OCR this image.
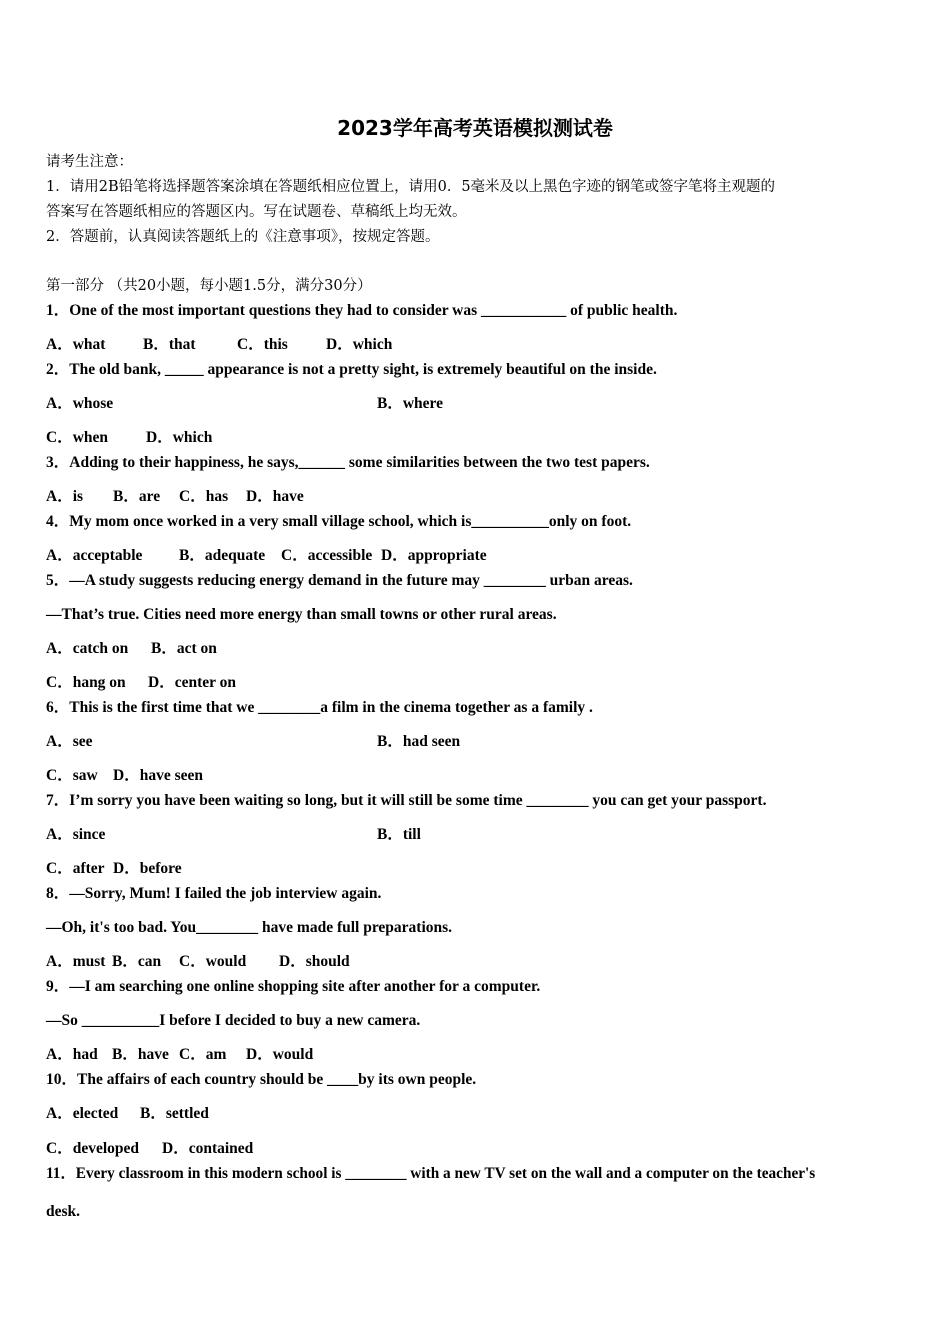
2023学年高考英语模拟测试卷
请考生注意：
1．请用2B铅笔将选择题答案涂填在答题纸相应位置上，请用0．5毫米及以上黑色字迹的钢笔或签字笔将主观题的
答案写在答题纸相应的答题区内。写在试题卷、草稿纸上均无效。
2．答题前，认真阅读答题纸上的《注意事项》，按规定答题。
第一部分 （共20小题，每小题1.5分，满分30分）
1．One of the most important questions they had to consider was ___________ of public health.
A．what B．that	C．this D．which
2．The old bank, _____ appearance is not a pretty sight, is extremely beautiful on the inside.
A．whose	B．where
C．when D．which
3．Adding to their happiness, he says,______ some similarities between the two test papers.
A．is B．are C．has D．have
4．My mom once worked in a very small village school, which is__________only on foot.
A．acceptable B．adequate C．accessible D．appropriate
5．—A study suggests reducing energy demand in the future may ________ urban areas.
—That’s true. Cities need more energy than small towns or other rural areas.
A．catch on B．act on
C．hang on D．center on
6．This is the first time that we ________a film in the cinema together as a family .
A．see	B．had seen
C．saw D．have seen
7．I’m sorry you have been waiting so long, but it will still be some time ________ you can get your passport.
A．since	B．till
C．after D．before
8．—Sorry, Mum! I failed the job interview again.
—Oh, it's too bad. You________ have made full preparations.
A．must B．can C．would D．should
9．—I am searching one online shopping site after another for a computer.
—So __________I before I decided to buy a new camera.
A．had B．have C．am D．would
10．The affairs of each country should be ____by its own people.
A．elected B．settled
C．developed D．contained
11．Every classroom in this modern school is ________ with a new TV set on the wall and a computer on the teacher's
desk.
